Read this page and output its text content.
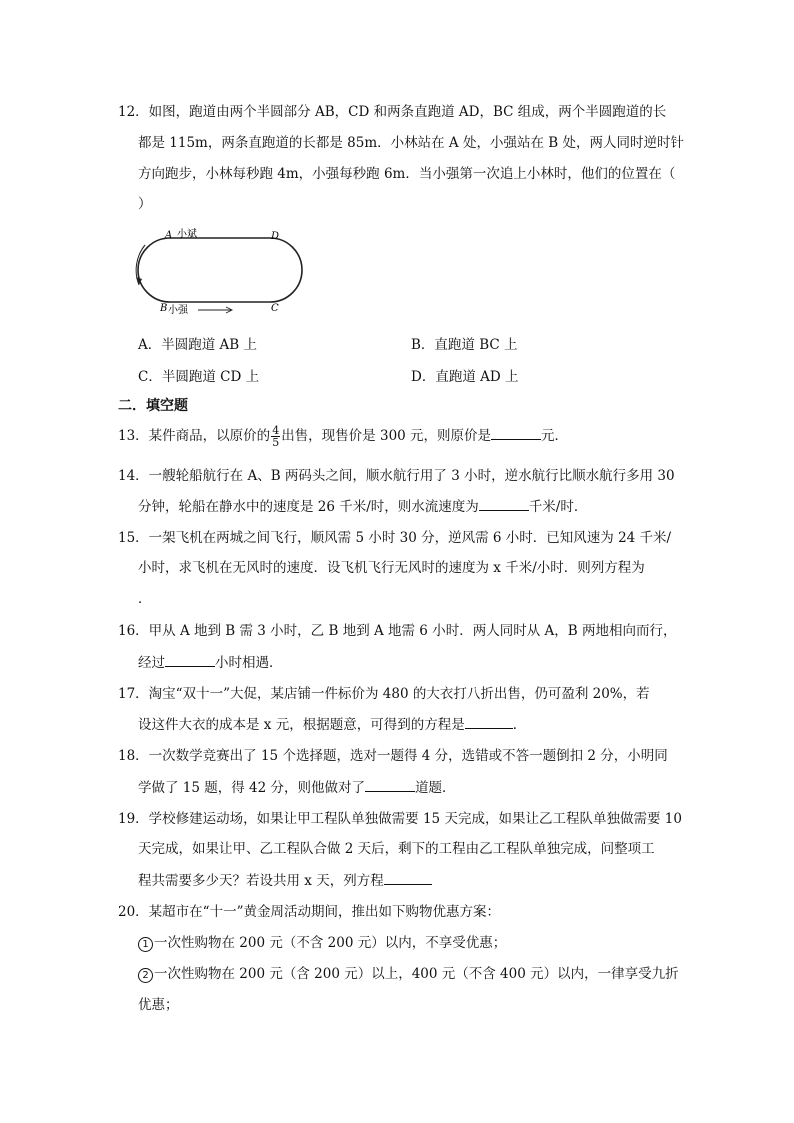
12．如图，跑道由两个半圆部分 AB，CD 和两条直跑道 AD，BC 组成，两个半圆跑道的长
都是 115m，两条直跑道的长都是 85m．小林站在 A 处，小强站在 B 处，两人同时逆时针
方向跑步，小林每秒跑 4m，小强每秒跑 6m．当小强第一次追上小林时，他们的位置在（
）
A 小斌	D
B 小强	C
A．半圆跑道 AB 上	B．直跑道 BC 上
C．半圆跑道 CD 上	D．直跑道 AD 上
二．填空题
13．某件商品，以原价的 $\frac{4}{5}$ 出售，现售价是 300 元，则原价是	元．
14．一艘轮船航行在 A、B 两码头之间，顺水航行用了 3 小时，逆水航行比顺水航行多用 30
分钟，轮船在静水中的速度是 26 千米/时，则水流速度为	千米/时．
15．一架飞机在两城之间飞行，顺风需 5 小时 30 分，逆风需 6 小时．已知风速为 24 千米/
小时，求飞机在无风时的速度．设飞机飞行无风时的速度为 x 千米/小时．则列方程为
．
16．甲从 A 地到 B 需 3 小时，乙 B 地到 A 地需 6 小时．两人同时从 A，B 两地相向而行，
经过	小时相遇．
17．淘宝“双十一”大促，某店铺一件标价为 480 的大衣打八折出售，仍可盈利 20%，若
设这件大衣的成本是 x 元，根据题意，可得到的方程是	．
18．一次数学竞赛出了 15 个选择题，选对一题得 4 分，选错或不答一题倒扣 2 分，小明同
学做了 15 题，得 42 分，则他做对了	道题．
19．学校修建运动场，如果让甲工程队单独做需要 15 天完成，如果让乙工程队单独做需要 10
天完成，如果让甲、乙工程队合做 2 天后，剩下的工程由乙工程队单独完成，问整项工
程共需要多少天？若设共用 x 天，列方程
20．某超市在“十一”黄金周活动期间，推出如下购物优惠方案：
1 一次性购物在 200 元（不含 200 元）以内，不享受优惠；
2 一次性购物在 200 元（含 200 元）以上，400 元（不含 400 元）以内，一律享受九折
优惠；
